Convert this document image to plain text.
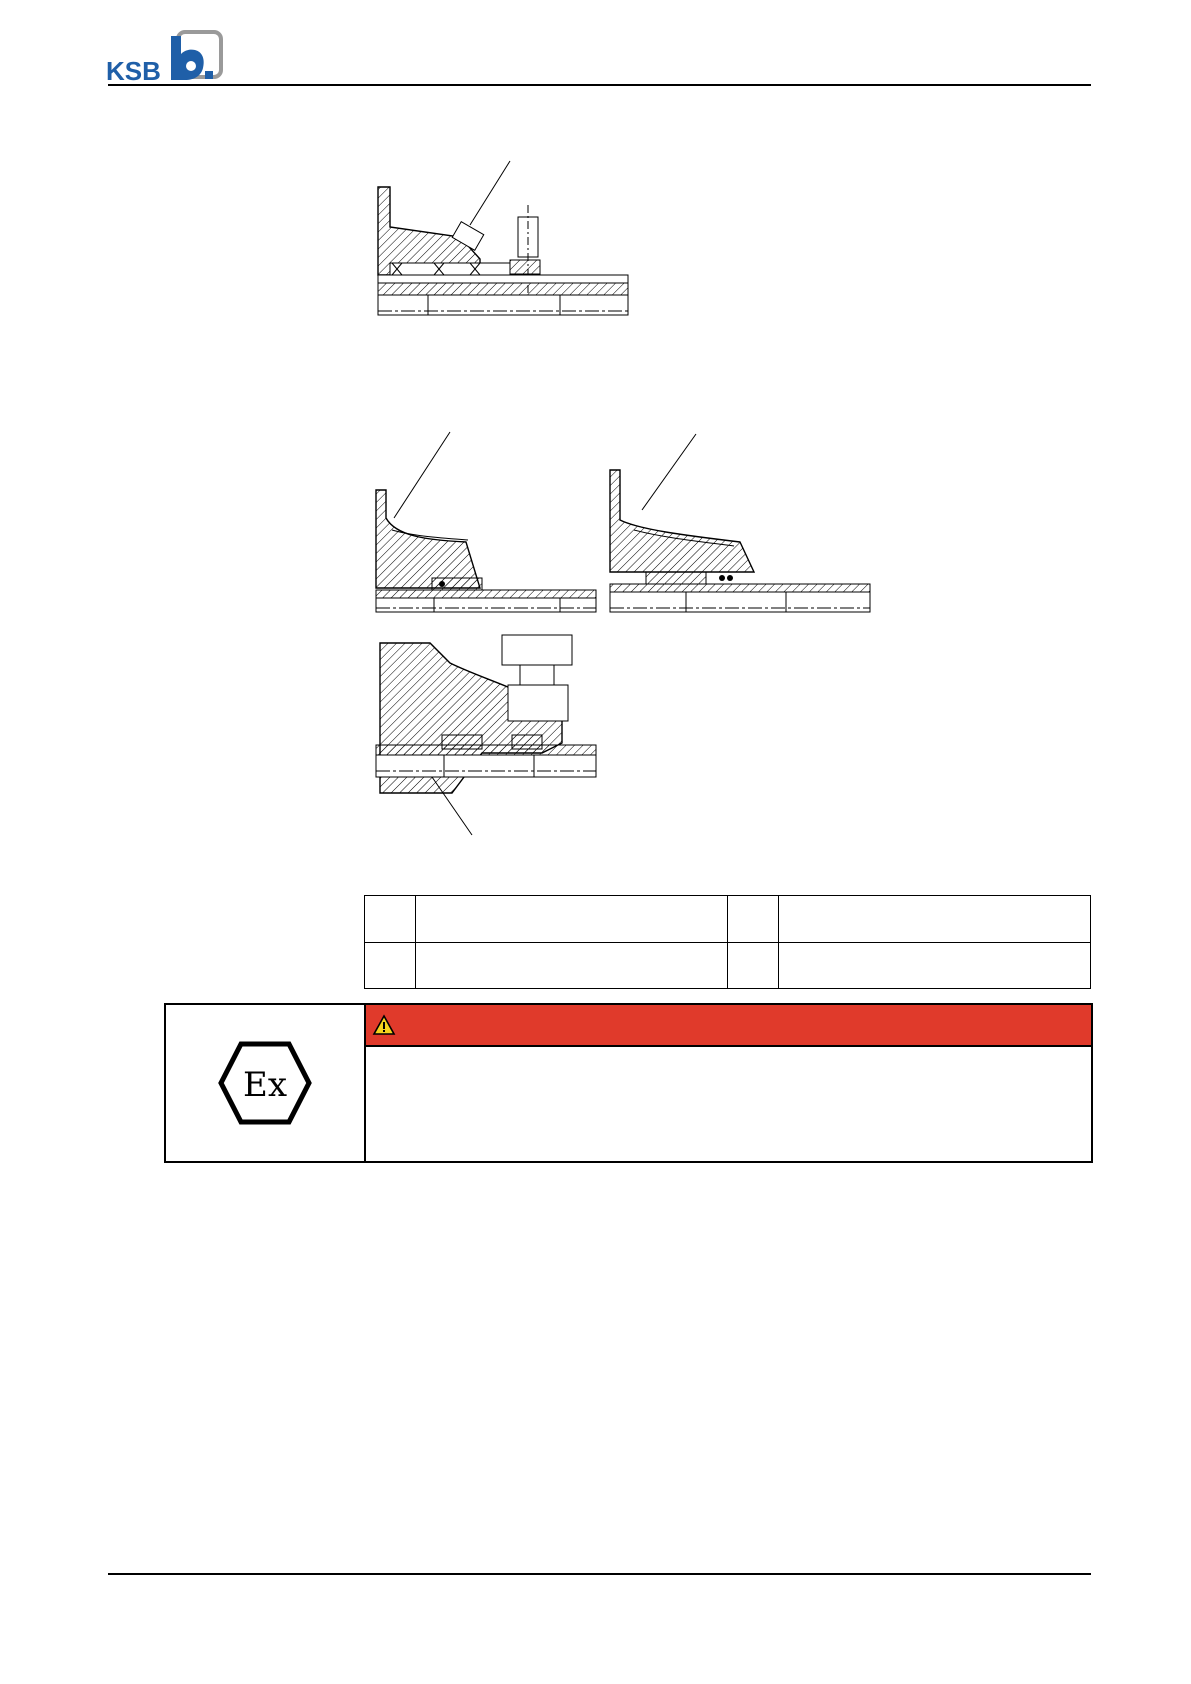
KSB

Ex
